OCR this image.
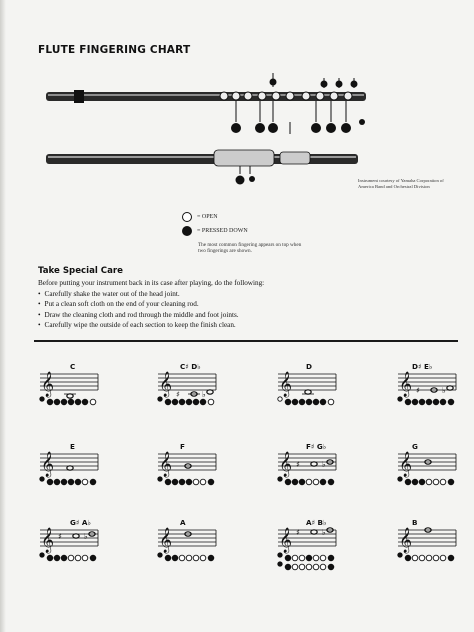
FLUTE FINGERING CHART
Instrument courtesy of Yamaha Corporation of America Band and Orchestral Division
= OPEN
= PRESSED DOWN
The most common fingering appears on top when two fingerings are shown.
Take Special Care
Before putting your instrument back in its case after playing, do the following:
• Carefully shake the water out of the head joint.
• Put a clean soft cloth on the end of your cleaning rod.
• Draw the cleaning cloth and rod through the middle and foot joints.
• Carefully wipe the outside of each section to keep the finish clean.
C
𝄞
C♯ D♭
𝄞 ♯	♭
D
𝄞
D♯ E♭
𝄞 ♯	♭
E
𝄞
F
𝄞
F♯ G♭
𝄞 ♯	♭
G
𝄞
G♯ A♭
𝄞 ♯	♭
A
𝄞
A♯ B♭
𝄞 ♯	♭
B
𝄞
